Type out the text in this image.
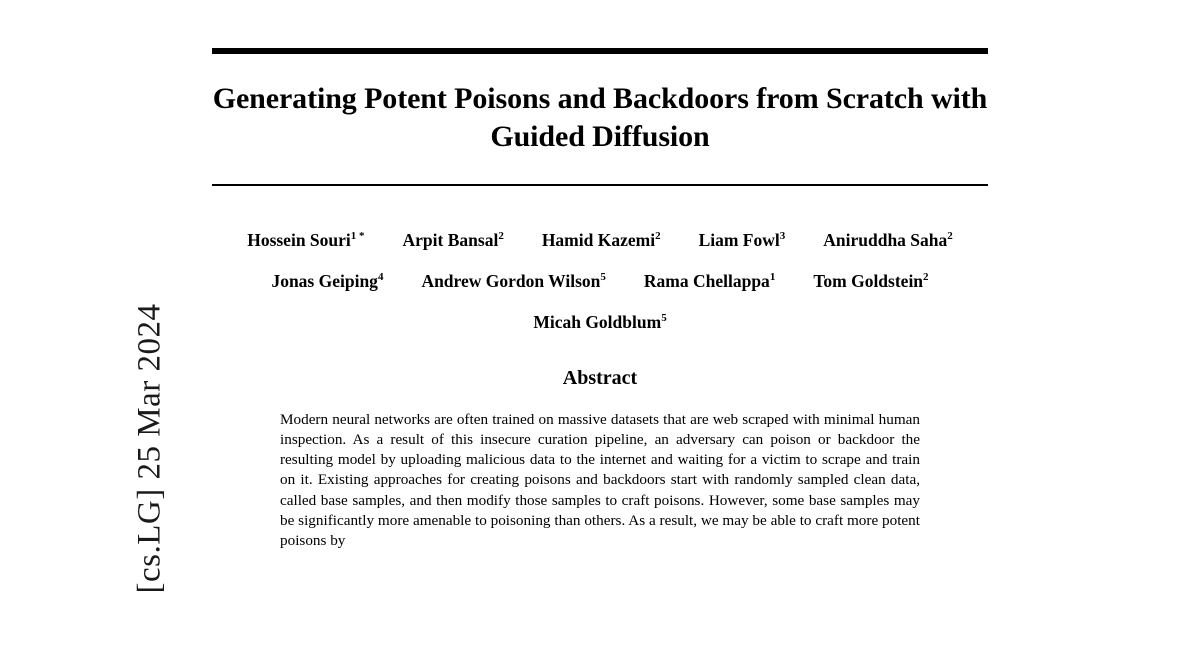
[cs.LG] 25 Mar 2024
Generating Potent Poisons and Backdoors from Scratch with Guided Diffusion
Hossein Souri$^{1 *}$ Arpit Bansal$^2$ Hamid Kazemi$^2$ Liam Fowl$^3$ Aniruddha Saha$^2$
Jonas Geiping$^4$ Andrew Gordon Wilson$^5$ Rama Chellappa$^1$ Tom Goldstein$^2$
Micah Goldblum$^5$
Abstract

Modern neural networks are often trained on massive datasets that are web scraped with minimal human inspection. As a result of this insecure curation pipeline, an adversary can poison or backdoor the resulting model by uploading malicious data to the internet and waiting for a victim to scrape and train on it. Existing approaches for creating poisons and backdoors start with randomly sampled clean data, called base samples, and then modify those samples to craft poisons. However, some base samples may be significantly more amenable to poisoning than others. As a result, we may be able to craft more potent poisons by
